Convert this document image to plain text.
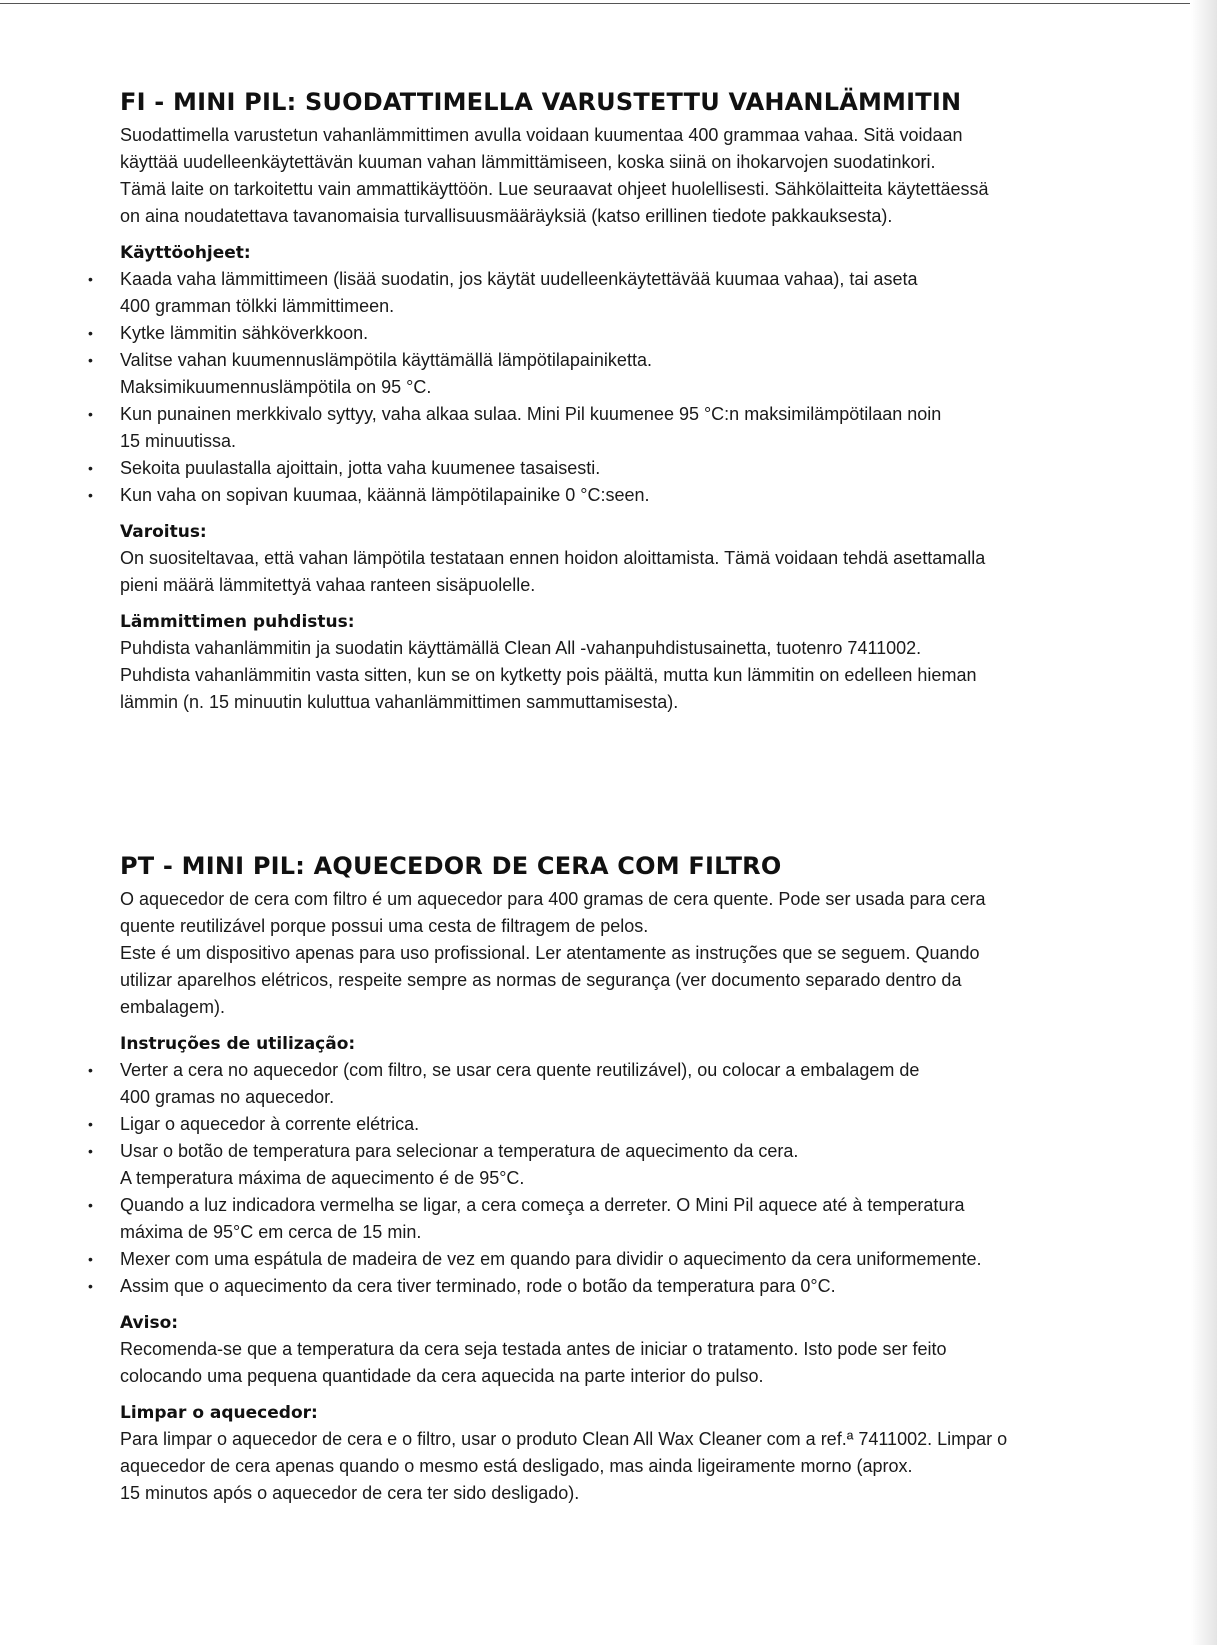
FI - MINI PIL: SUODATTIMELLA VARUSTETTU VAHANLÄMMITIN

Suodattimella varustetun vahanlämmittimen avulla voidaan kuumentaa 400 grammaa vahaa. Sitä voidaan

käyttää uudelleenkäytettävän kuuman vahan lämmittämiseen, koska siinä on ihokarvojen suodatinkori.

Tämä laite on tarkoitettu vain ammattikäyttöön. Lue seuraavat ohjeet huolellisesti. Sähkölaitteita käytettäessä

on aina noudatettava tavanomaisia turvallisuusmääräyksiä (katso erillinen tiedote pakkauksesta).

Käyttöohjeet:
• Kaada vaha lämmittimeen (lisää suodatin, jos käytät uudelleenkäytettävää kuumaa vahaa), tai aseta
400 gramman tölkki lämmittimeen.
• Kytke lämmitin sähköverkkoon.
• Valitse vahan kuumennuslämpötila käyttämällä lämpötilapainiketta.
Maksimikuumennuslämpötila on 95 °C.
• Kun punainen merkkivalo syttyy, vaha alkaa sulaa. Mini Pil kuumenee 95 °C:n maksimilämpötilaan noin
15 minuutissa.
• Sekoita puulastalla ajoittain, jotta vaha kuumenee tasaisesti.
• Kun vaha on sopivan kuumaa, käännä lämpötilapainike 0 °C:seen.
Varoitus:

On suositeltavaa, että vahan lämpötila testataan ennen hoidon aloittamista. Tämä voidaan tehdä asettamalla

pieni määrä lämmitettyä vahaa ranteen sisäpuolelle.

Lämmittimen puhdistus:

Puhdista vahanlämmitin ja suodatin käyttämällä Clean All -vahanpuhdistusainetta, tuotenro 7411002.

Puhdista vahanlämmitin vasta sitten, kun se on kytketty pois päältä, mutta kun lämmitin on edelleen hieman

lämmin (n. 15 minuutin kuluttua vahanlämmittimen sammuttamisesta).

PT - MINI PIL: AQUECEDOR DE CERA COM FILTRO

O aquecedor de cera com filtro é um aquecedor para 400 gramas de cera quente. Pode ser usada para cera

quente reutilizável porque possui uma cesta de filtragem de pelos.

Este é um dispositivo apenas para uso profissional. Ler atentamente as instruções que se seguem. Quando

utilizar aparelhos elétricos, respeite sempre as normas de segurança (ver documento separado dentro da

embalagem).

Instruções de utilização:
• Verter a cera no aquecedor (com filtro, se usar cera quente reutilizável), ou colocar a embalagem de
400 gramas no aquecedor.
• Ligar o aquecedor à corrente elétrica.
• Usar o botão de temperatura para selecionar a temperatura de aquecimento da cera.
A temperatura máxima de aquecimento é de 95°C.
• Quando a luz indicadora vermelha se ligar, a cera começa a derreter. O Mini Pil aquece até à temperatura
máxima de 95°C em cerca de 15 min.
• Mexer com uma espátula de madeira de vez em quando para dividir o aquecimento da cera uniformemente.
• Assim que o aquecimento da cera tiver terminado, rode o botão da temperatura para 0°C.
Aviso:

Recomenda-se que a temperatura da cera seja testada antes de iniciar o tratamento. Isto pode ser feito

colocando uma pequena quantidade da cera aquecida na parte interior do pulso.

Limpar o aquecedor:

Para limpar o aquecedor de cera e o filtro, usar o produto Clean All Wax Cleaner com a ref.ª 7411002. Limpar o

aquecedor de cera apenas quando o mesmo está desligado, mas ainda ligeiramente morno (aprox.

15 minutos após o aquecedor de cera ter sido desligado).
